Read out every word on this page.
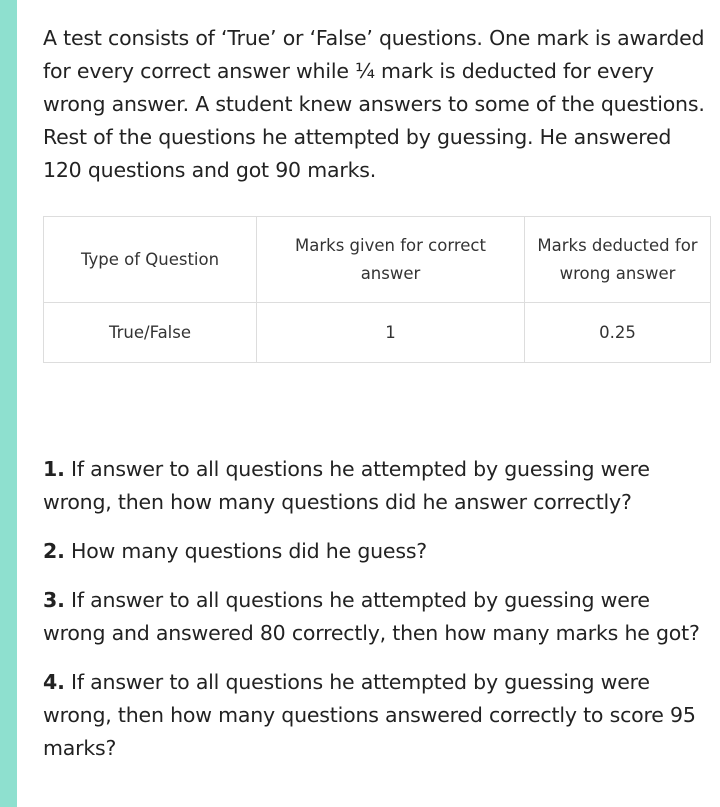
A test consists of ‘True’ or ‘False’ questions. One mark is awarded for every correct answer while ¼ mark is deducted for every wrong answer. A student knew answers to some of the questions. Rest of the questions he attempted by guessing. He answered 120 questions and got 90 marks.

Type of Question	Marks given for correct answer	Marks deducted for wrong answer
True/False	1	0.25

1. If answer to all questions he attempted by guessing were wrong, then how many questions did he answer correctly?

2. How many questions did he guess?

3. If answer to all questions he attempted by guessing were wrong and answered 80 correctly, then how many marks he got?

4. If answer to all questions he attempted by guessing were wrong, then how many questions answered correctly to score 95 marks?
